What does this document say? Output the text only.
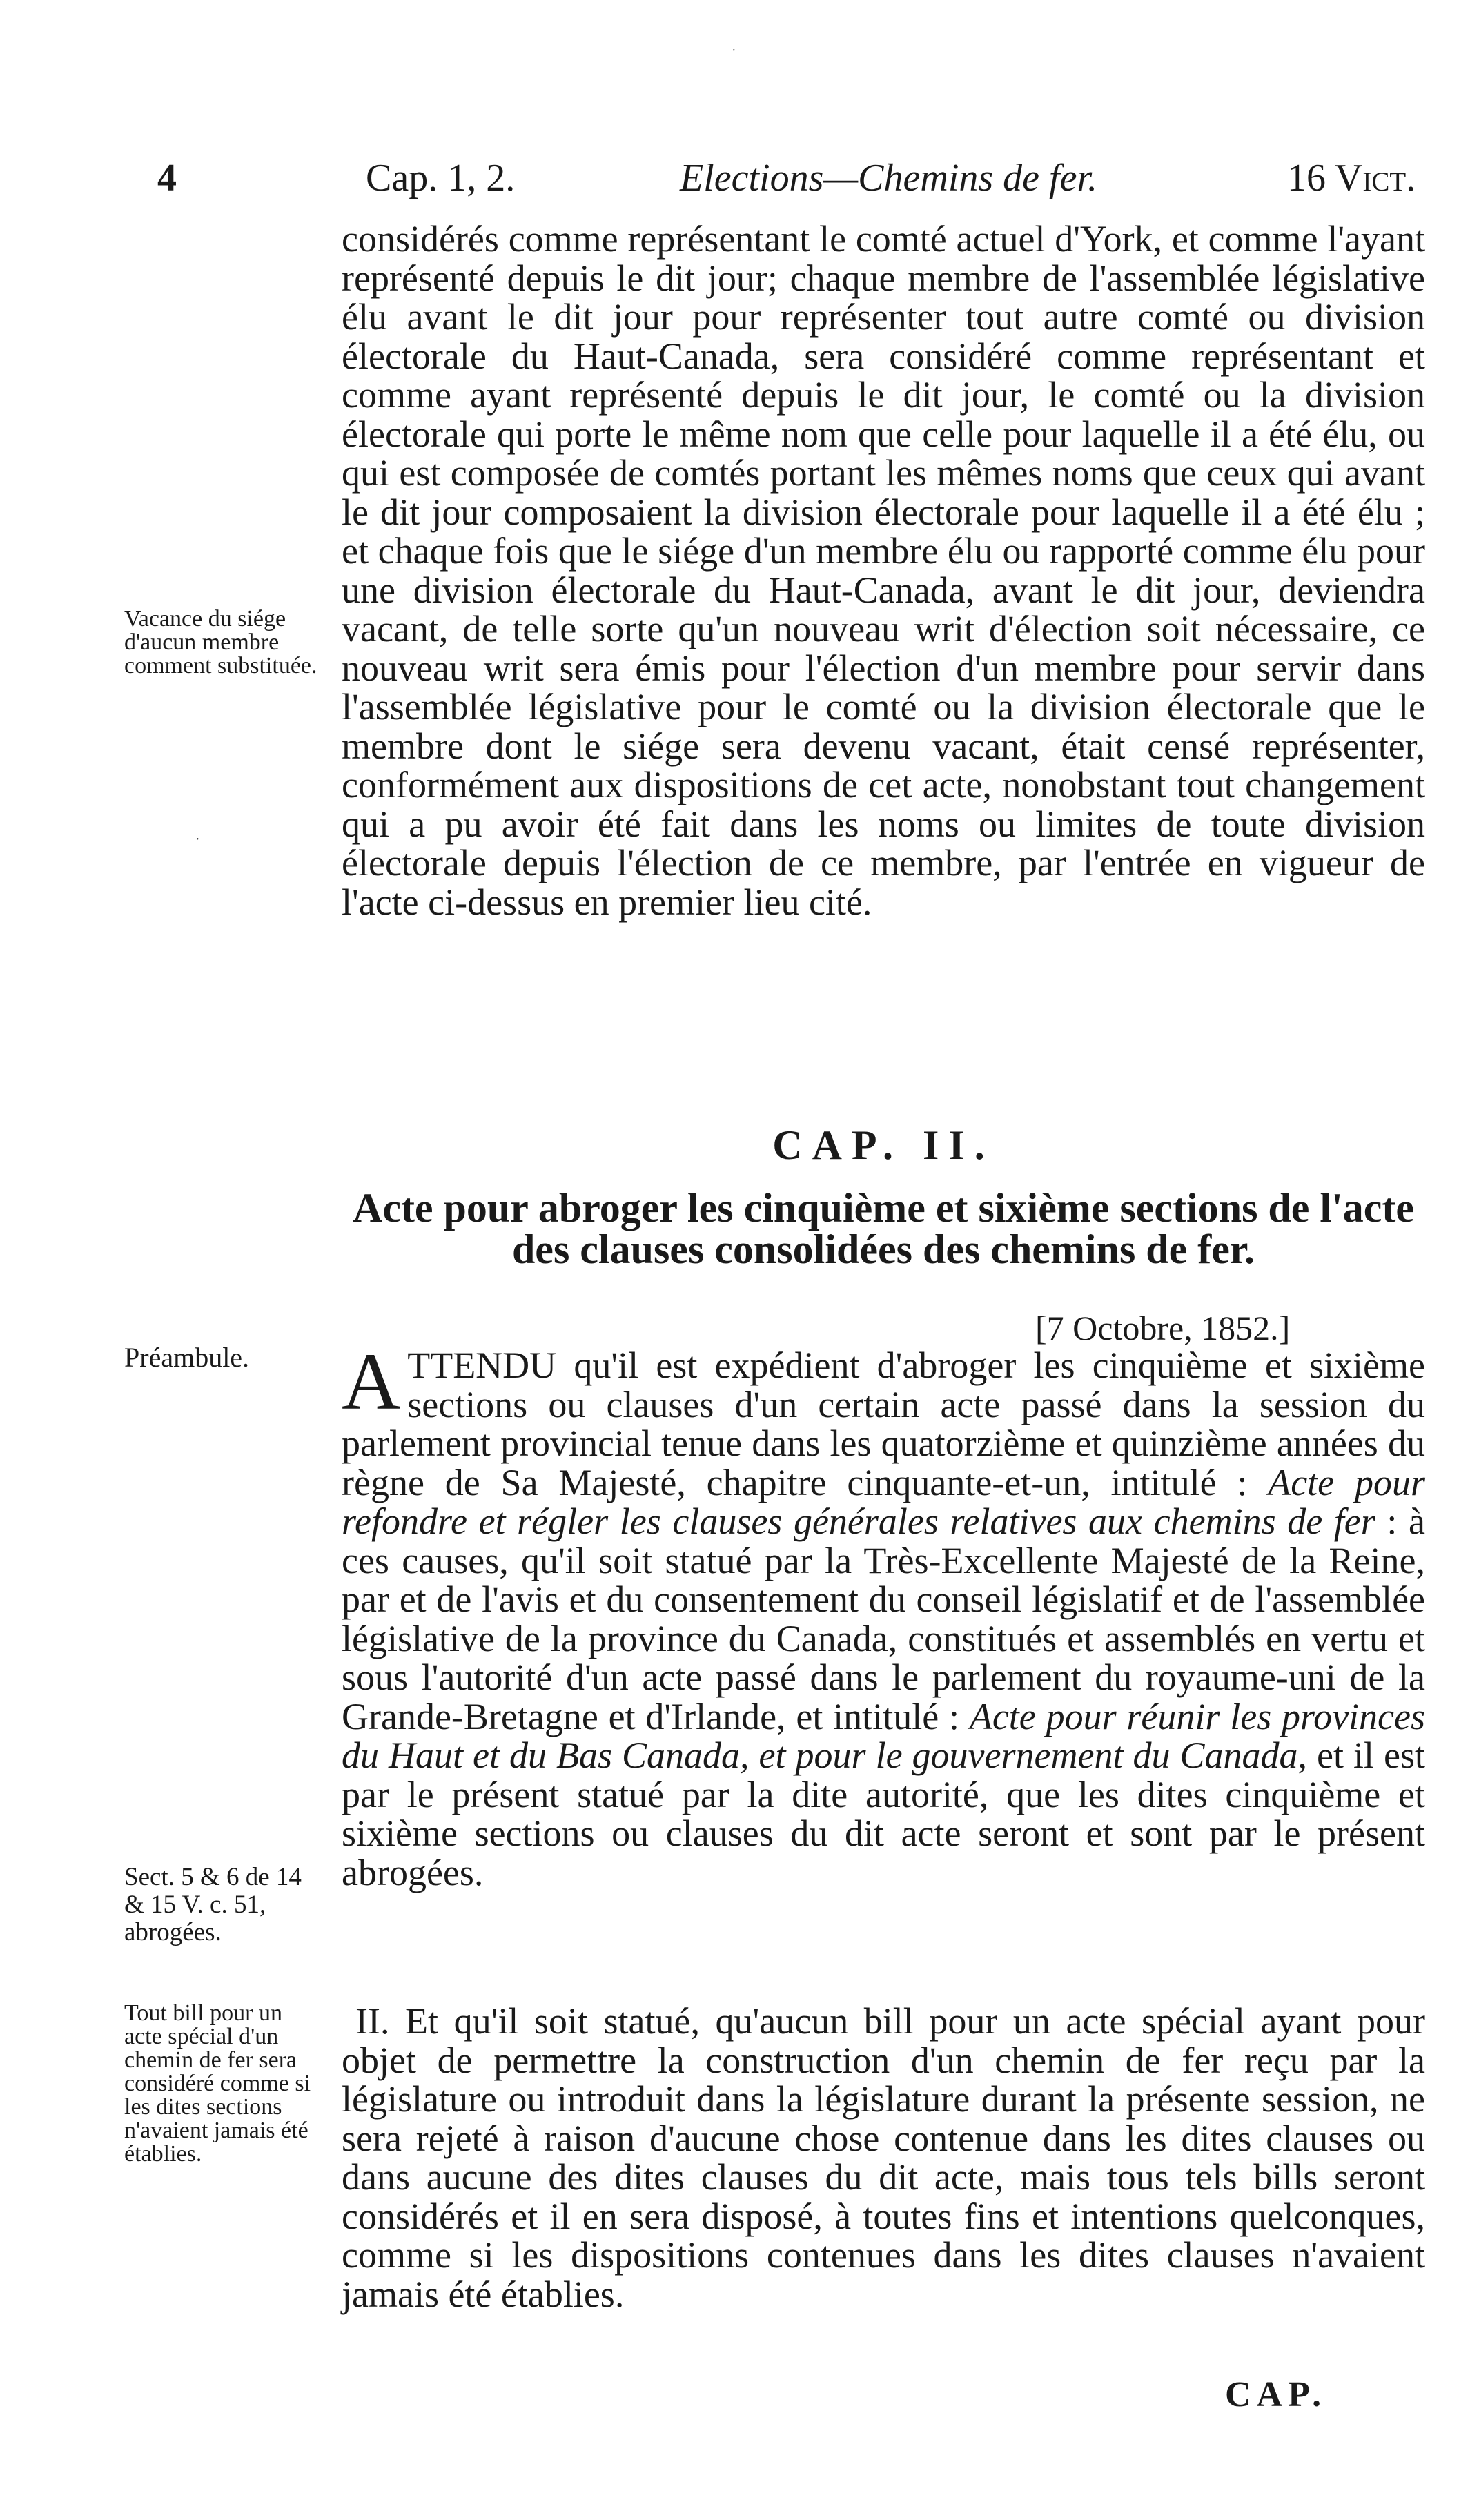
·
·
4	Cap. 1, 2.	Elections—Chemins de fer.	16 Vict.

considérés comme représentant le comté actuel d'York, et comme l'ayant représenté depuis le dit jour; chaque membre de l'assemblée législative élu avant le dit jour pour représenter tout autre comté ou division électorale du Haut-Canada, sera considéré comme représentant et comme ayant représenté depuis le dit jour, le comté ou la division électorale qui porte le même nom que celle pour laquelle il a été élu, ou qui est composée de comtés portant les mêmes noms que ceux qui avant le dit jour composaient la division électorale pour laquelle il a été élu ; et chaque fois que le siége d'un membre élu ou rapporté comme élu pour une division électorale du Haut-Canada, avant le dit jour, deviendra vacant, de telle sorte qu'un nouveau writ d'élection soit nécessaire, ce nouveau writ sera émis pour l'élection d'un membre pour servir dans l'assemblée législative pour le comté ou la division électorale que le membre dont le siége sera devenu vacant, était censé représenter, conformément aux dispositions de cet acte, nonobstant tout changement qui a pu avoir été fait dans les noms ou limites de toute division électorale depuis l'élection de ce membre, par l'entrée en vigueur de l'acte ci-dessus en premier lieu cité.

Vacance du siége d'aucun membre comment substituée.
CAP. II.
Acte pour abroger les cinquième et sixième sections de l'acte des clauses consolidées des chemins de fer.
[7 Octobre, 1852.]
Préambule.	ATTENDU qu'il est expédient d'abroger les cinquième et sixième sections ou clauses d'un certain acte passé dans la session du parlement provincial tenue dans les quatorzième et quinzième années du règne de Sa Majesté, chapitre cinquante-et-un, intitulé : Acte pour refondre et régler les clauses générales relatives aux chemins de fer : à ces causes, qu'il soit statué par la Très-Excellente Majesté de la Reine, par et de l'avis et du consentement du conseil législatif et de l'assemblée législative de la province du Canada, constitués et assemblés en vertu et sous l'autorité d'un acte passé dans le parlement du royaume-uni de la Grande-Bretagne et d'Irlande, et intitulé : Acte pour réunir les provinces du Haut et du Bas Canada, et pour le gouvernement du Canada, et il est par le présent statué par la dite autorité, que les dites cinquième et sixième sections ou clauses du dit acte seront et sont par le présent abrogées.

Sect. 5 & 6 de 14 & 15 V. c. 51, abrogées.

II. Et qu'il soit statué, qu'aucun bill pour un acte spécial ayant pour objet de permettre la construction d'un chemin de fer reçu par la législature ou introduit dans la législature durant la présente session, ne sera rejeté à raison d'aucune chose contenue dans les dites clauses ou dans aucune des dites clauses du dit acte, mais tous tels bills seront considérés et il en sera disposé, à toutes fins et intentions quelconques, comme si les dispositions contenues dans les dites clauses n'avaient jamais été établies.

Tout bill pour un acte spécial d'un chemin de fer sera considéré comme si les dites sections n'avaient jamais été établies.
CAP.
